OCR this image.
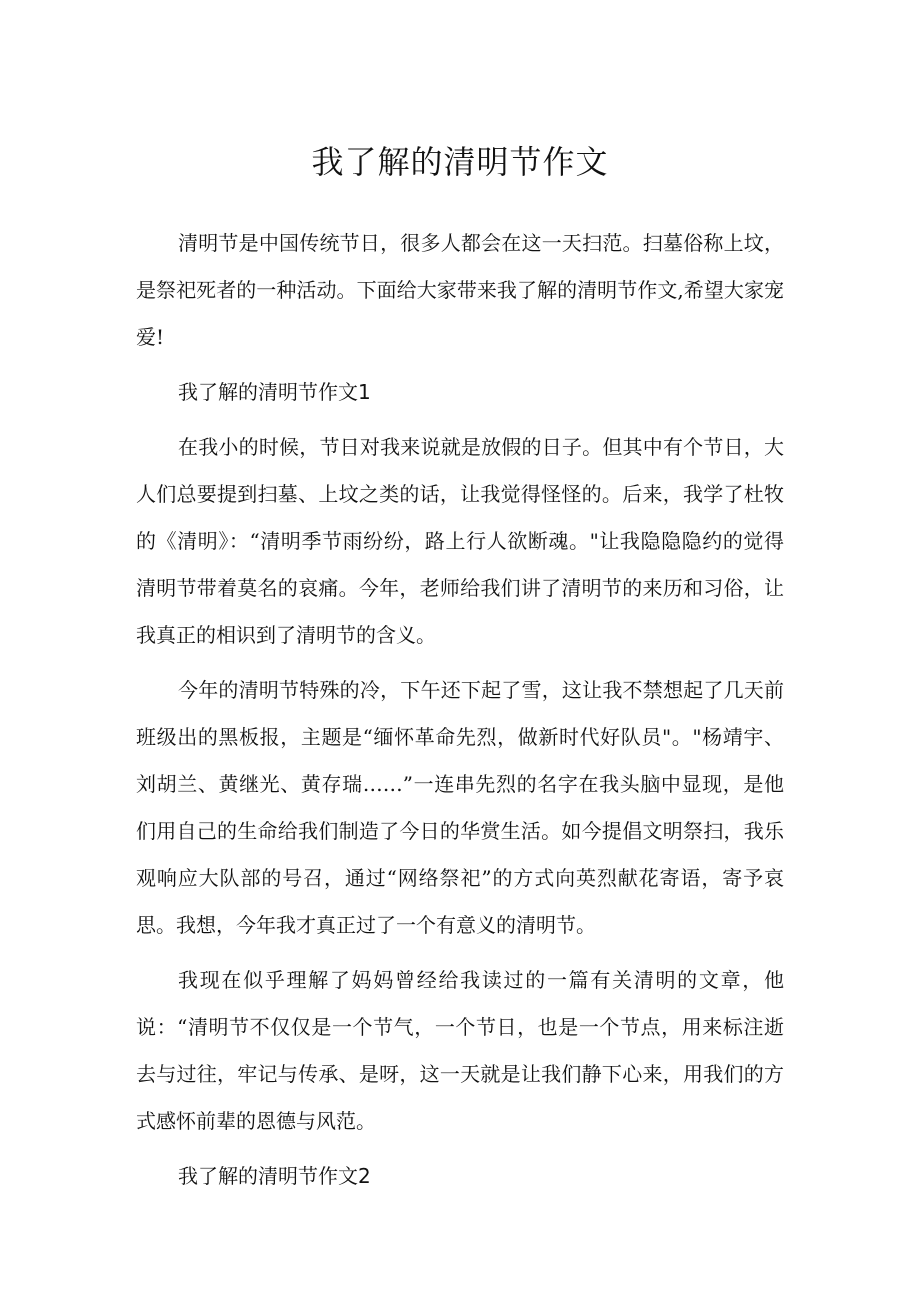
我了解的清明节作文

清明节是中国传统节日，很多人都会在这一天扫范。扫墓俗称上坟，是祭祀死者的一种活动。下面给大家带来我了解的清明节作文,希望大家宠爱!

我了解的清明节作文1

在我小的时候，节日对我来说就是放假的日子。但其中有个节日，大人们总要提到扫墓、上坟之类的话，让我觉得怪怪的。后来，我学了杜牧的《清明》：“清明季节雨纷纷，路上行人欲断魂。"让我隐隐隐约的觉得清明节带着莫名的哀痛。今年，老师给我们讲了清明节的来历和习俗，让我真正的相识到了清明节的含义。

今年的清明节特殊的冷，下午还下起了雪，这让我不禁想起了几天前班级出的黑板报，主题是“缅怀革命先烈，做新时代好队员"。"杨靖宇、刘胡兰、黄继光、黄存瑞……”一连串先烈的名字在我头脑中显现，是他们用自己的生命给我们制造了今日的华赏生活。如今提倡文明祭扫，我乐观响应大队部的号召，通过“网络祭祀”的方式向英烈献花寄语，寄予哀思。我想，今年我才真正过了一个有意义的清明节。

我现在似乎理解了妈妈曾经给我读过的一篇有关清明的文章，他说：“清明节不仅仅是一个节气，一个节日，也是一个节点，用来标注逝去与过往，牢记与传承、是呀，这一天就是让我们静下心来，用我们的方式感怀前辈的恩德与风范。

我了解的清明节作文2
